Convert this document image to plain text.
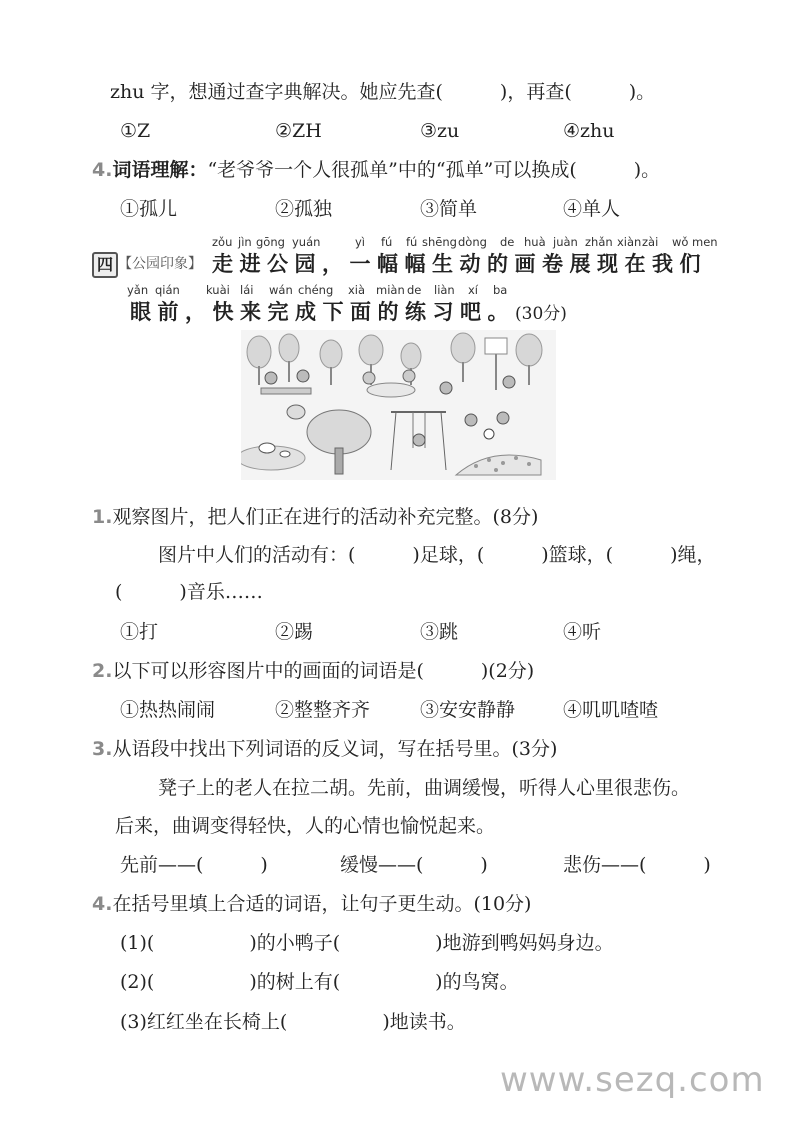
zhu 字，想通过查字典解决。她应先查(　　　)，再查(　　　)。
①Z	②ZH	③zu	④zhu
4.词语理解：“老爷爷一个人很孤单”中的“孤单”可以换成(　　　)。
①孤儿	②孤独	③简单	④单人
四 【公园印象】
zǒu jìn gōng yuán	yì fú fú shēng dòng de huà juàn zhǎn xiàn zài wǒ men
走进公园，一幅幅生动的画卷展现在我们
yǎn qián kuài lái wán chéng xià miàn de liàn xí ba
眼前，快来完成下面的练习吧。(30分)
1.观察图片，把人们正在进行的活动补充完整。(8分)
图片中人们的活动有：(　　　)足球，(　　　)篮球，(　　　)绳，
(　　　)音乐……
①打	②踢	③跳	④听
2.以下可以形容图片中的画面的词语是(　　　)(2分)
①热热闹闹	②整整齐齐	③安安静静	④叽叽喳喳
3.从语段中找出下列词语的反义词，写在括号里。(3分)
凳子上的老人在拉二胡。先前，曲调缓慢，听得人心里很悲伤。
后来，曲调变得轻快，人的心情也愉悦起来。
先前——(　　　)	缓慢——(　　　)	悲伤——(　　　)
4.在括号里填上合适的词语，让句子更生动。(10分)
(1)(　　　　　)的小鸭子(　　　　　)地游到鸭妈妈身边。
(2)(　　　　　)的树上有(　　　　　)的鸟窝。
(3)红红坐在长椅上(　　　　　)地读书。
www.sezq.com
